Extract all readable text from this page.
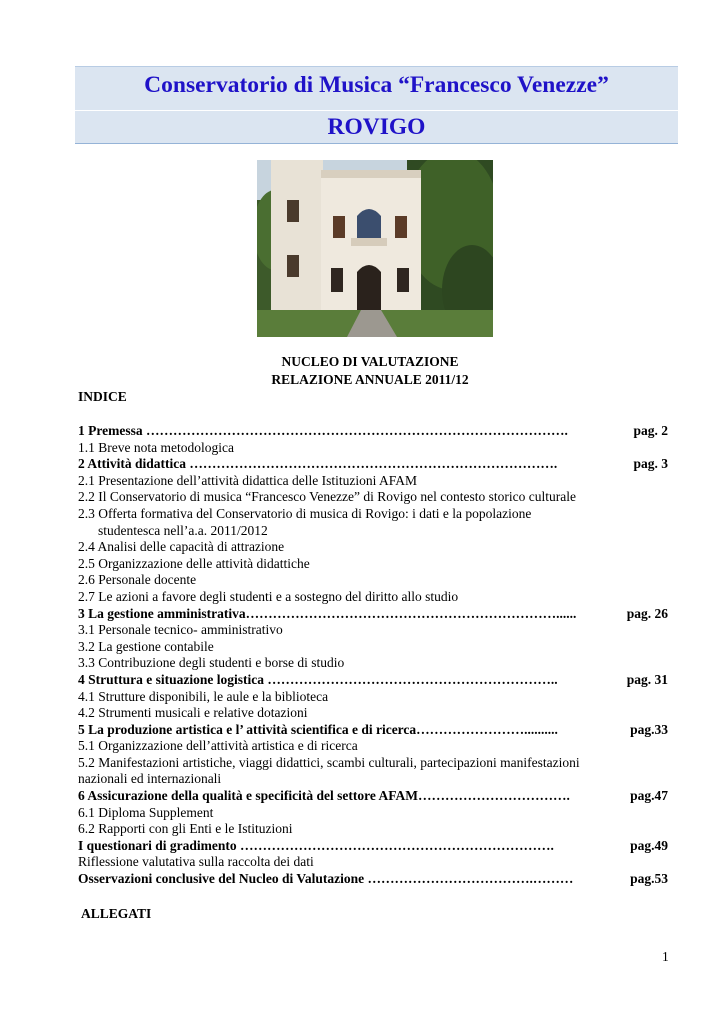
Conservatorio di Musica “Francesco Venezze”
ROVIGO
NUCLEO DI VALUTAZIONE
RELAZIONE ANNUALE 2011/12
INDICE
1 Premessa ………………………………………………………………………………….	pag. 2
1.1 Breve nota metodologica
2 Attività didattica ……………………………………………………………………….	pag. 3
2.1 Presentazione dell’attività didattica delle Istituzioni AFAM
2.2 Il Conservatorio di musica “Francesco Venezze” di Rovigo nel contesto storico culturale
2.3 Offerta formativa del Conservatorio di musica di Rovigo: i dati e la popolazione
studentesca nell’a.a. 2011/2012
2.4 Analisi delle capacità di attrazione
2.5 Organizzazione delle attività didattiche
2.6 Personale docente
2.7 Le azioni a favore degli studenti e a sostegno del diritto allo studio
3 La gestione amministrativa……………………………………………………………......	pag. 26
3.1 Personale tecnico- amministrativo
3.2 La gestione contabile
3.3 Contribuzione degli studenti e borse di studio
4 Struttura e situazione logistica ………………………………………………………..	pag. 31
4.1 Strutture disponibili, le aule e la biblioteca
4.2 Strumenti musicali e relative dotazioni
5 La produzione artistica e l’ attività scientifica e di ricerca……………………..........	pag.33
5.1 Organizzazione dell’attività artistica e di ricerca
5.2 Manifestazioni artistiche, viaggi didattici, scambi culturali, partecipazioni manifestazioni
nazionali ed internazionali
6 Assicurazione della qualità e specificità del settore AFAM…………………………….	pag.47
6.1 Diploma Supplement
6.2 Rapporti con gli Enti e le Istituzioni
I questionari di gradimento …………………………………………………………….	pag.49
Riflessione valutativa sulla raccolta dei dati
Osservazioni conclusive del Nucleo di Valutazione ……………………………….………	pag.53
ALLEGATI
1
